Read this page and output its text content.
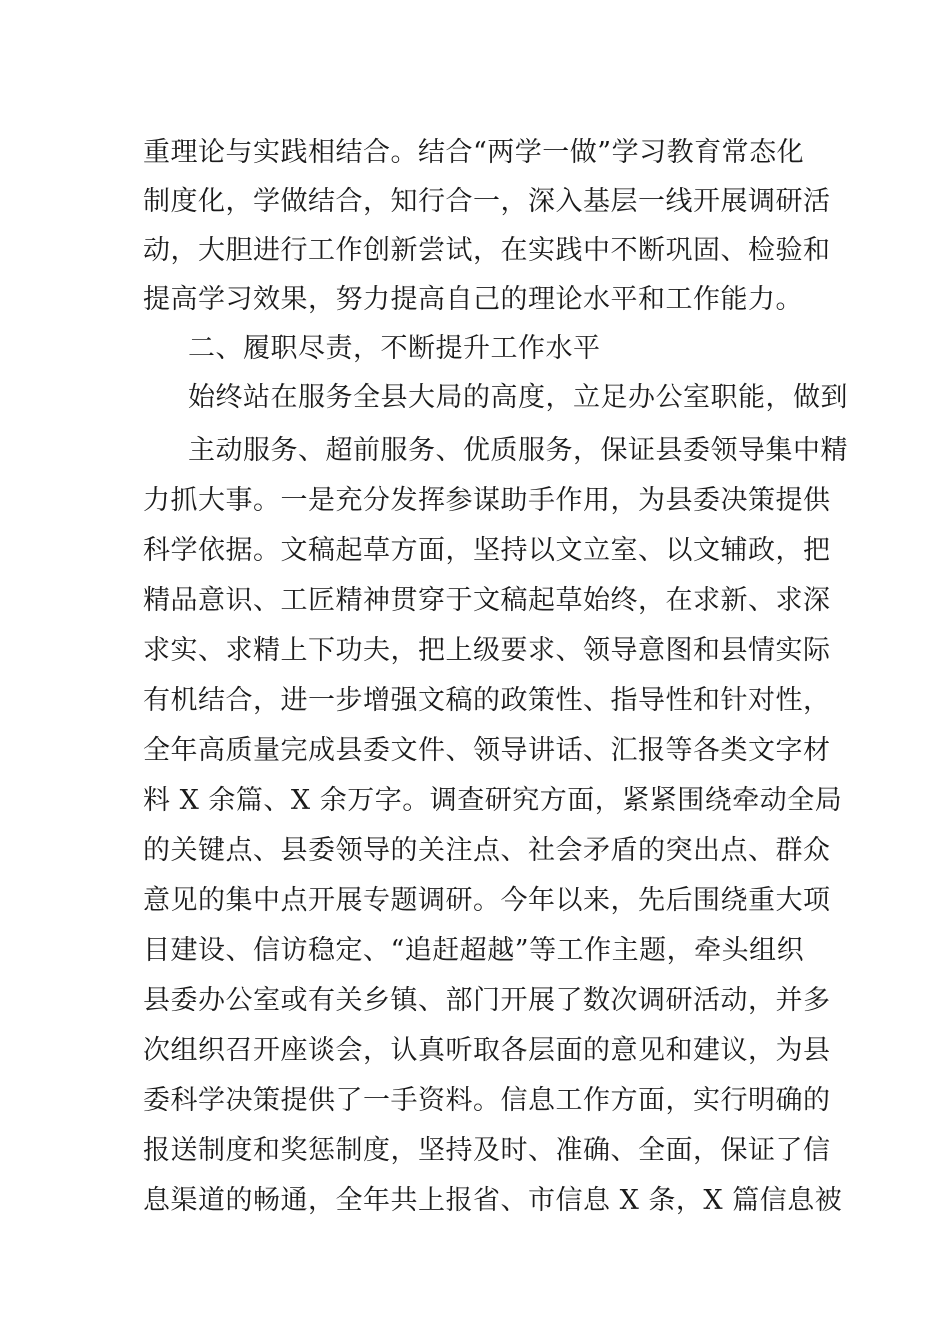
重理论与实践相结合。结合“两学一做”学习教育常态化
制度化，学做结合，知行合一，深入基层一线开展调研活
动，大胆进行工作创新尝试，在实践中不断巩固、检验和
提高学习效果，努力提高自己的理论水平和工作能力。
二、履职尽责，不断提升工作水平
始终站在服务全县大局的高度，立足办公室职能，做到
主动服务、超前服务、优质服务，保证县委领导集中精
力抓大事。一是充分发挥参谋助手作用，为县委决策提供
科学依据。文稿起草方面，坚持以文立室、以文辅政，把
精品意识、工匠精神贯穿于文稿起草始终，在求新、求深
求实、求精上下功夫，把上级要求、领导意图和县情实际
有机结合，进一步增强文稿的政策性、指导性和针对性，
全年高质量完成县委文件、领导讲话、汇报等各类文字材
料 X 余篇、X 余万字。调查研究方面，紧紧围绕牵动全局
的关键点、县委领导的关注点、社会矛盾的突出点、群众
意见的集中点开展专题调研。今年以来，先后围绕重大项
目建设、信访稳定、“追赶超越”等工作主题，牵头组织
县委办公室或有关乡镇、部门开展了数次调研活动，并多
次组织召开座谈会，认真听取各层面的意见和建议，为县
委科学决策提供了一手资料。信息工作方面，实行明确的
报送制度和奖惩制度，坚持及时、准确、全面，保证了信
息渠道的畅通，全年共上报省、市信息 X 条，X 篇信息被
